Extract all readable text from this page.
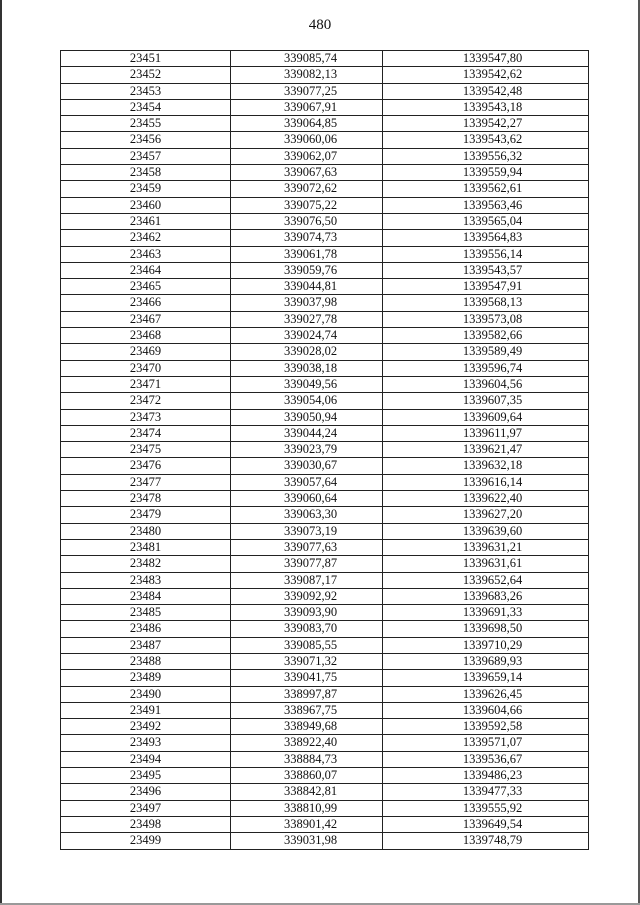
480
23451	339085,74	1339547,80
23452	339082,13	1339542,62
23453	339077,25	1339542,48
23454	339067,91	1339543,18
23455	339064,85	1339542,27
23456	339060,06	1339543,62
23457	339062,07	1339556,32
23458	339067,63	1339559,94
23459	339072,62	1339562,61
23460	339075,22	1339563,46
23461	339076,50	1339565,04
23462	339074,73	1339564,83
23463	339061,78	1339556,14
23464	339059,76	1339543,57
23465	339044,81	1339547,91
23466	339037,98	1339568,13
23467	339027,78	1339573,08
23468	339024,74	1339582,66
23469	339028,02	1339589,49
23470	339038,18	1339596,74
23471	339049,56	1339604,56
23472	339054,06	1339607,35
23473	339050,94	1339609,64
23474	339044,24	1339611,97
23475	339023,79	1339621,47
23476	339030,67	1339632,18
23477	339057,64	1339616,14
23478	339060,64	1339622,40
23479	339063,30	1339627,20
23480	339073,19	1339639,60
23481	339077,63	1339631,21
23482	339077,87	1339631,61
23483	339087,17	1339652,64
23484	339092,92	1339683,26
23485	339093,90	1339691,33
23486	339083,70	1339698,50
23487	339085,55	1339710,29
23488	339071,32	1339689,93
23489	339041,75	1339659,14
23490	338997,87	1339626,45
23491	338967,75	1339604,66
23492	338949,68	1339592,58
23493	338922,40	1339571,07
23494	338884,73	1339536,67
23495	338860,07	1339486,23
23496	338842,81	1339477,33
23497	338810,99	1339555,92
23498	338901,42	1339649,54
23499	339031,98	1339748,79
